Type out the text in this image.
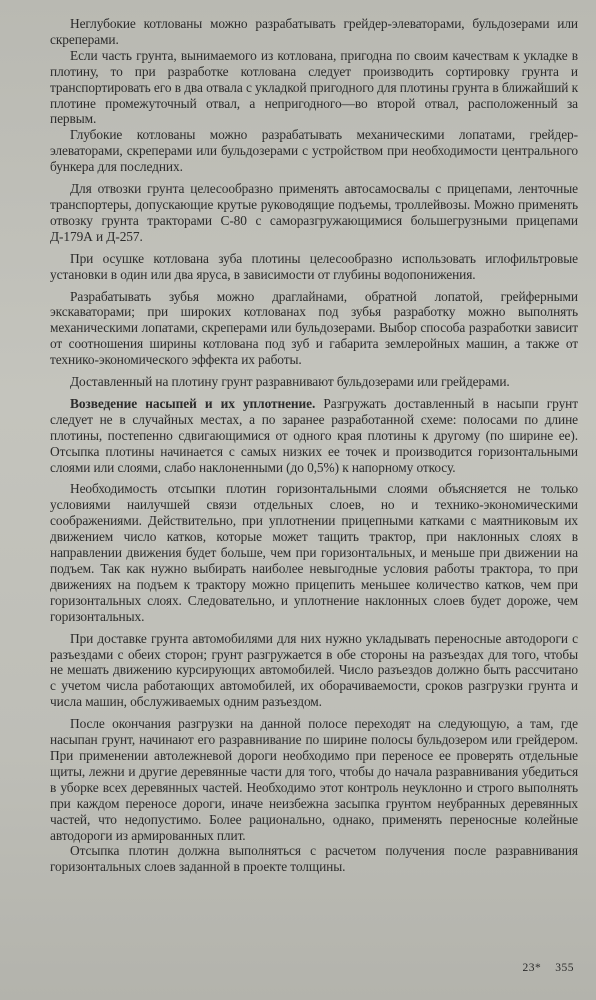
Неглубокие котлованы можно разрабатывать грейдер-элеваторами, бульдозерами или скреперами.

Если часть грунта, вынимаемого из котлована, пригодна по своим качествам к укладке в плотину, то при разработке котлована следует производить сортировку грунта и транспортировать его в два отвала с укладкой пригодного для плотины грунта в ближайший к плотине промежуточный отвал, а непригодного—во второй отвал, расположенный за первым.

Глубокие котлованы можно разрабатывать механическими лопатами, грейдер-элеваторами, скреперами или бульдозерами с устройством при необходимости центрального бункера для последних.

Для отвозки грунта целесообразно применять автосамосвалы с прицепами, ленточные транспортеры, допускающие крутые руководящие подъемы, троллейвозы. Можно применять отвозку грунта тракторами С-80 с саморазгружающимися большегрузными прицепами Д-179А и Д-257.

При осушке котлована зуба плотины целесообразно использовать иглофильтровые установки в один или два яруса, в зависимости от глубины водопонижения.

Разрабатывать зубья можно драглайнами, обратной лопатой, грейферными экскаваторами; при широких котлованах под зубья разработку можно выполнять механическими лопатами, скреперами или бульдозерами. Выбор способа разработки зависит от соотношения ширины котлована под зуб и габарита землеройных машин, а также от технико-экономического эффекта их работы.

Доставленный на плотину грунт разравнивают бульдозерами или грейдерами.

Возведение насыпей и их уплотнение. Разгружать доставленный в насыпи грунт следует не в случайных местах, а по заранее разработанной схеме: полосами по длине плотины, постепенно сдвигающимися от одного края плотины к другому (по ширине ее). Отсыпка плотины начинается с самых низких ее точек и производится горизонтальными слоями или слоями, слабо наклоненными (до 0,5%) к напорному откосу.

Необходимость отсыпки плотин горизонтальными слоями объясняется не только условиями наилучшей связи отдельных слоев, но и технико-экономическими соображениями. Действительно, при уплотнении прицепными катками с маятниковым их движением число катков, которые может тащить трактор, при наклонных слоях в направлении движения будет больше, чем при горизонтальных, и меньше при движении на подъем. Так как нужно выбирать наиболее невыгодные условия работы трактора, то при движениях на подъем к трактору можно прицепить меньшее количество катков, чем при горизонтальных слоях. Следовательно, и уплотнение наклонных слоев будет дороже, чем горизонтальных.

При доставке грунта автомобилями для них нужно укладывать переносные автодороги с разъездами с обеих сторон; грунт разгружается в обе стороны на разъездах для того, чтобы не мешать движению курсирующих автомобилей. Число разъездов должно быть рассчитано с учетом числа работающих автомобилей, их оборачиваемости, сроков разгрузки грунта и числа машин, обслуживаемых одним разъездом.

После окончания разгрузки на данной полосе переходят на следующую, а там, где насыпан грунт, начинают его разравнивание по ширине полосы бульдозером или грейдером. При применении автолежневой дороги необходимо при переносе ее проверять отдельные щиты, лежни и другие деревянные части для того, чтобы до начала разравнивания убедиться в уборке всех деревянных частей. Необходимо этот контроль неуклонно и строго выполнять при каждом переносе дороги, иначе неизбежна засыпка грунтом неубранных деревянных частей, что недопустимо. Более рационально, однако, применять переносные колейные автодороги из армированных плит.

Отсыпка плотин должна выполняться с расчетом получения после разравнивания горизонтальных слоев заданной в проекте толщины.

23* 355
